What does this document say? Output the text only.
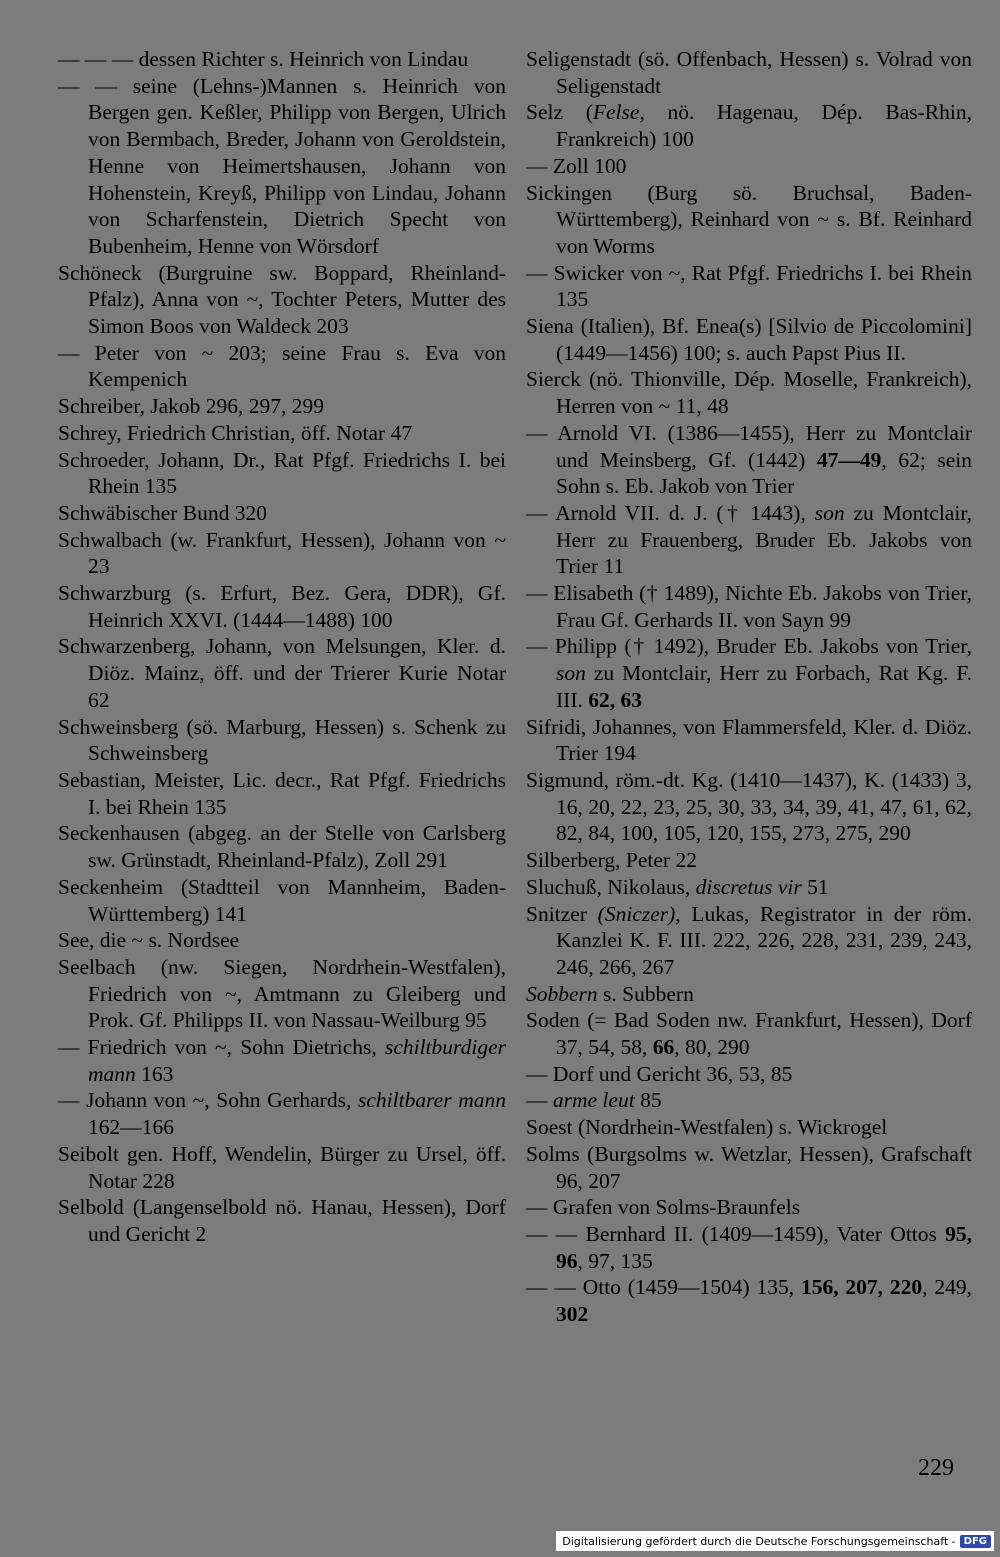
— — — dessen Richter s. Heinrich von Lindau

— — seine (Lehns-)Mannen s. Heinrich von Bergen gen. Keßler, Philipp von Bergen, Ulrich von Bermbach, Breder, Johann von Geroldstein, Henne von Heimertshausen, Johann von Hohenstein, Kreyß, Philipp von Lindau, Johann von Scharfenstein, Dietrich Specht von Bubenheim, Henne von Wörsdorf

Schöneck (Burgruine sw. Boppard, Rheinland-Pfalz), Anna von ~, Tochter Peters, Mutter des Simon Boos von Waldeck 203

— Peter von ~ 203; seine Frau s. Eva von Kempenich

Schreiber, Jakob 296, 297, 299

Schrey, Friedrich Christian, öff. Notar 47

Schroeder, Johann, Dr., Rat Pfgf. Friedrichs I. bei Rhein 135

Schwäbischer Bund 320

Schwalbach (w. Frankfurt, Hessen), Johann von ~ 23

Schwarzburg (s. Erfurt, Bez. Gera, DDR), Gf. Heinrich XXVI. (1444—1488) 100

Schwarzenberg, Johann, von Melsungen, Kler. d. Diöz. Mainz, öff. und der Trierer Kurie Notar 62

Schweinsberg (sö. Marburg, Hessen) s. Schenk zu Schweinsberg

Sebastian, Meister, Lic. decr., Rat Pfgf. Friedrichs I. bei Rhein 135

Seckenhausen (abgeg. an der Stelle von Carlsberg sw. Grünstadt, Rheinland-Pfalz), Zoll 291

Seckenheim (Stadtteil von Mannheim, Baden-Württemberg) 141

See, die ~ s. Nordsee

Seelbach (nw. Siegen, Nordrhein-Westfalen), Friedrich von ~, Amtmann zu Gleiberg und Prok. Gf. Philipps II. von Nassau-Weilburg 95

— Friedrich von ~, Sohn Dietrichs, schiltburdiger mann 163

— Johann von ~, Sohn Gerhards, schiltbarer mann 162—166

Seibolt gen. Hoff, Wendelin, Bürger zu Ursel, öff. Notar 228

Selbold (Langenselbold nö. Hanau, Hessen), Dorf und Gericht 2

Seligenstadt (sö. Offenbach, Hessen) s. Volrad von Seligenstadt

Selz (Felse, nö. Hagenau, Dép. Bas-Rhin, Frankreich) 100

— Zoll 100

Sickingen (Burg sö. Bruchsal, Baden-Württemberg), Reinhard von ~ s. Bf. Reinhard von Worms

— Swicker von ~, Rat Pfgf. Friedrichs I. bei Rhein 135

Siena (Italien), Bf. Enea(s) [Silvio de Piccolomini] (1449—1456) 100; s. auch Papst Pius II.

Sierck (nö. Thionville, Dép. Moselle, Frankreich), Herren von ~ 11, 48

— Arnold VI. (1386—1455), Herr zu Montclair und Meinsberg, Gf. (1442) 47—49, 62; sein Sohn s. Eb. Jakob von Trier

— Arnold VII. d. J. († 1443), son zu Montclair, Herr zu Frauenberg, Bruder Eb. Jakobs von Trier 11

— Elisabeth († 1489), Nichte Eb. Jakobs von Trier, Frau Gf. Gerhards II. von Sayn 99

— Philipp († 1492), Bruder Eb. Jakobs von Trier, son zu Montclair, Herr zu Forbach, Rat Kg. F. III. 62, 63

Sifridi, Johannes, von Flammersfeld, Kler. d. Diöz. Trier 194

Sigmund, röm.-dt. Kg. (1410—1437), K. (1433) 3, 16, 20, 22, 23, 25, 30, 33, 34, 39, 41, 47, 61, 62, 82, 84, 100, 105, 120, 155, 273, 275, 290

Silberberg, Peter 22

Sluchuß, Nikolaus, discretus vir 51

Snitzer (Sniczer), Lukas, Registrator in der röm. Kanzlei K. F. III. 222, 226, 228, 231, 239, 243, 246, 266, 267

Sobbern s. Subbern

Soden (= Bad Soden nw. Frankfurt, Hessen), Dorf 37, 54, 58, 66, 80, 290

— Dorf und Gericht 36, 53, 85

— arme leut 85

Soest (Nordrhein-Westfalen) s. Wickrogel

Solms (Burgsolms w. Wetzlar, Hessen), Grafschaft 96, 207

— Grafen von Solms-Braunfels

— — Bernhard II. (1409—1459), Vater Ottos 95, 96, 97, 135

— — Otto (1459—1504) 135, 156, 207, 220, 249, 302

229
Digitalisierung gefördert durch die Deutsche Forschungsgemeinschaft - DFG
